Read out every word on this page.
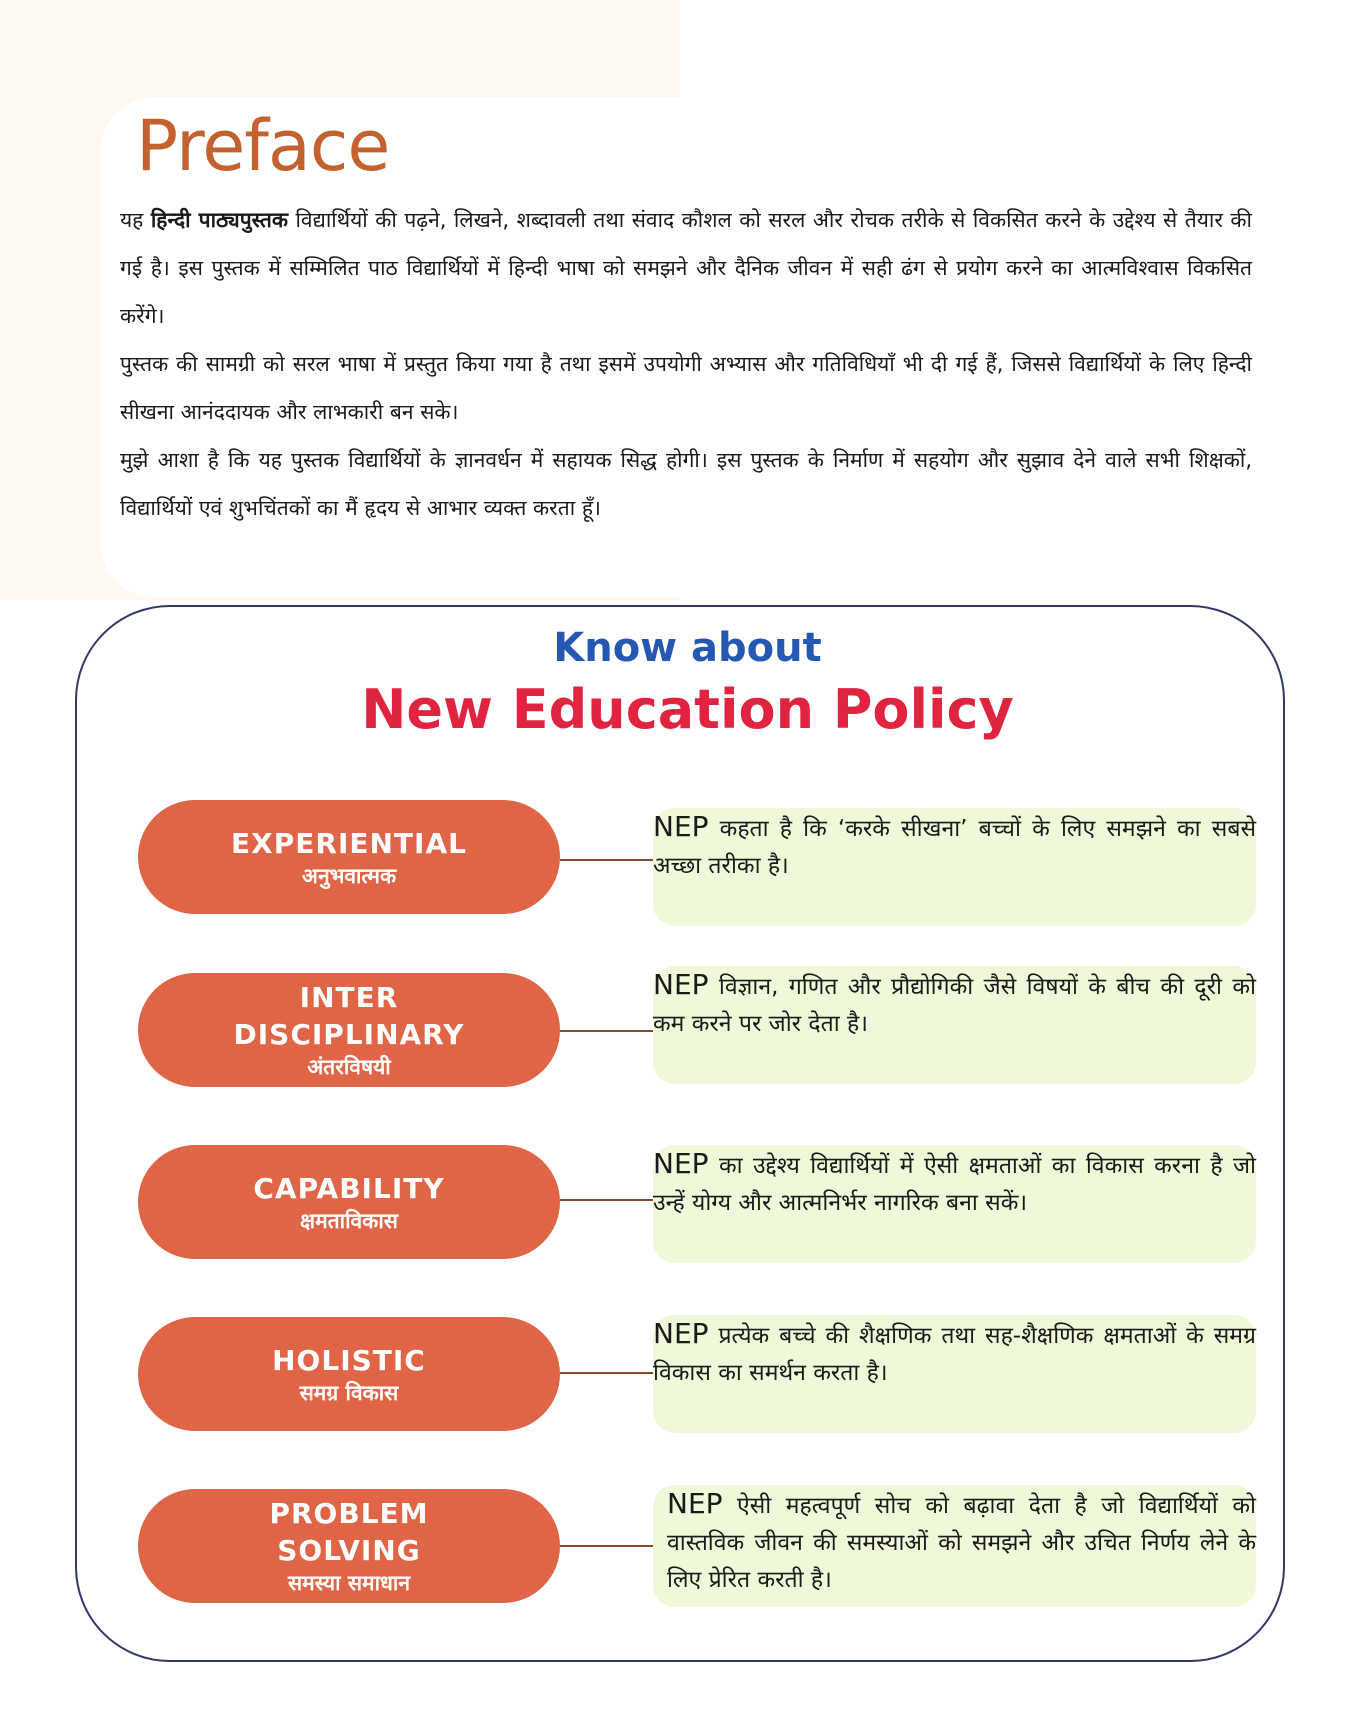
Preface

यह हिन्दी पाठ्यपुस्तक विद्यार्थियों की पढ़ने, लिखने, शब्दावली तथा संवाद कौशल को सरल और रोचक तरीके से विकसित करने के उद्देश्य से तैयार की गई है। इस पुस्तक में सम्मिलित पाठ विद्यार्थियों में हिन्दी भाषा को समझने और दैनिक जीवन में सही ढंग से प्रयोग करने का आत्मविश्वास विकसित करेंगे।

पुस्तक की सामग्री को सरल भाषा में प्रस्तुत किया गया है तथा इसमें उपयोगी अभ्यास और गतिविधियाँ भी दी गई हैं, जिससे विद्यार्थियों के लिए हिन्दी सीखना आनंददायक और लाभकारी बन सके।

मुझे आशा है कि यह पुस्तक विद्यार्थियों के ज्ञानवर्धन में सहायक सिद्ध होगी। इस पुस्तक के निर्माण में सहयोग और सुझाव देने वाले सभी शिक्षकों, विद्यार्थियों एवं शुभचिंतकों का मैं हृदय से आभार व्यक्त करता हूँ।

Know about
New Education Policy
EXPERIENTIAL
अनुभवात्मक
NEP कहता है कि ‘करके सीखना’ बच्चों के लिए समझने का सबसे अच्छा तरीका है।
INTER
DISCIPLINARY
अंतरविषयी
NEP विज्ञान, गणित और प्रौद्योगिकी जैसे विषयों के बीच की दूरी को कम करने पर जोर देता है।
CAPABILITY
क्षमताविकास
NEP का उद्देश्य विद्यार्थियों में ऐसी क्षमताओं का विकास करना है जो उन्हें योग्य और आत्मनिर्भर नागरिक बना सकें।
HOLISTIC
समग्र विकास
NEP प्रत्येक बच्चे की शैक्षणिक तथा सह-शैक्षणिक क्षमताओं के समग्र विकास का समर्थन करता है।
PROBLEM
SOLVING
समस्या समाधान
NEP ऐसी महत्वपूर्ण सोच को बढ़ावा देता है जो विद्यार्थियों को वास्तविक जीवन की समस्याओं को समझने और उचित निर्णय लेने के लिए प्रेरित करती है।
